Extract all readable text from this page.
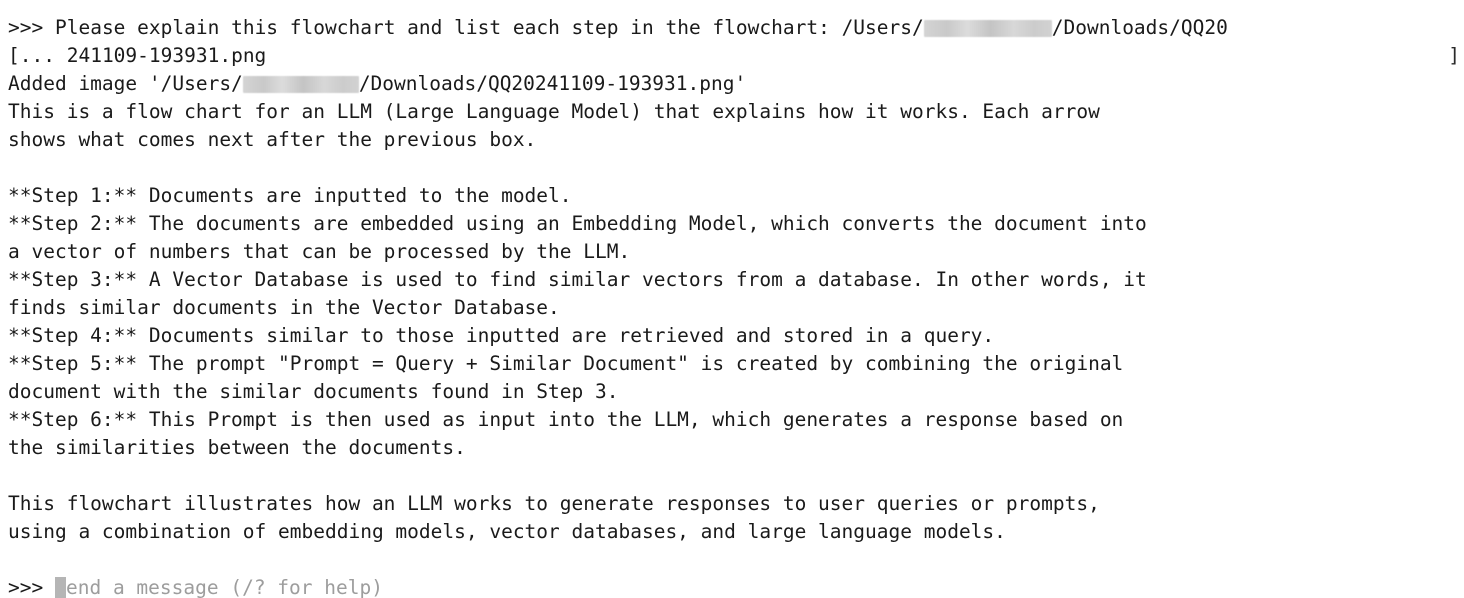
>>> Please explain this flowchart and list each step in the flowchart: /Users/	/Downloads/QQ20
[... 241109-193931.png	]
Added image '/Users/	/Downloads/QQ20241109-193931.png'
This is a flow chart for an LLM (Large Language Model) that explains how it works. Each arrow
shows what comes next after the previous box.
**Step 1:** Documents are inputted to the model.
**Step 2:** The documents are embedded using an Embedding Model, which converts the document into
a vector of numbers that can be processed by the LLM.
**Step 3:** A Vector Database is used to find similar vectors from a database. In other words, it
finds similar documents in the Vector Database.
**Step 4:** Documents similar to those inputted are retrieved and stored in a query.
**Step 5:** The prompt "Prompt = Query + Similar Document" is created by combining the original
document with the similar documents found in Step 3.
**Step 6:** This Prompt is then used as input into the LLM, which generates a response based on
the similarities between the documents.
This flowchart illustrates how an LLM works to generate responses to user queries or prompts,
using a combination of embedding models, vector databases, and large language models.
>>> end a message (/? for help)
